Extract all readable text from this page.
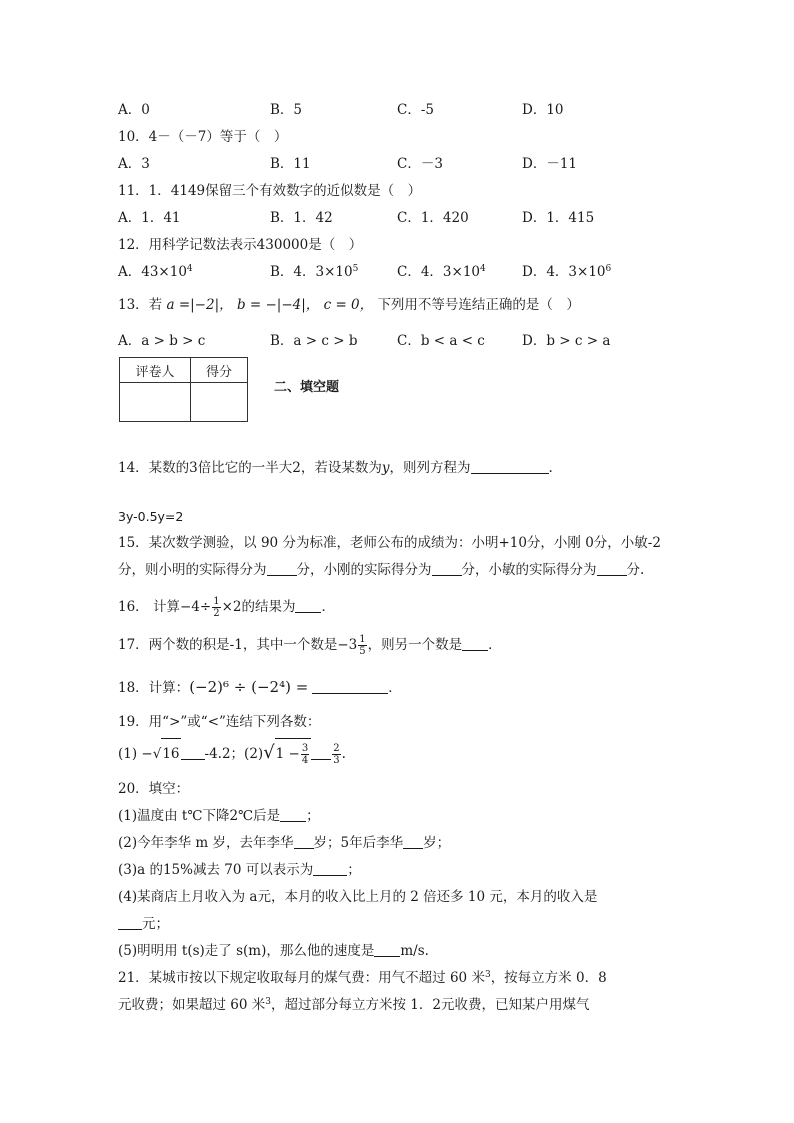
A．0	B．5	C．-5	D．10
10．4－（－7）等于（　）
A．3	B．11	C．－3	D．－11
11．1．4149保留三个有效数字的近似数是（　）
A．1．41	B．1．42	C．1．420	D．1．415
12．用科学记数法表示430000是（　）
A．$43\times 10^4$	B．4．$3\times 10^5$	C．4．$3\times 10^4$	D．4．$3\times 10^6$
13．若 a =|−2|， b = −|−4|， c = 0， 下列用不等号连结正确的是（　）
A．a > b > c	B．a > c > b	C．b < a < c	D．b > c > a
评卷人	得分

二、填空题
14．某数的3倍比它的一半大2，若设某数为y，则列方程为	.
3y-0.5y=2
15．某次数学测验，以 90 分为标准，老师公布的成绩为：小明+10分，小刚 0分，小敏-2
分，则小明的实际得分为 分，小刚的实际得分为 分，小敏的实际得分为 分.
16． 计算$-4\div \frac{1}{2} \times 2$的结果为 ．
17．两个数的积是-1，其中一个数是$-3 \frac{1}{5}$ ，则另一个数是 ．
18．计算：(−2)⁶ ÷ (−2⁴) =	．
19．用“>”或“<”连结下列各数：
(1) −√16 -4.2；$(2)√1 - \frac{3}{4} \frac{2}{3}$ .
20．填空：
(1)温度由 t℃下降2℃后是 ；
(2)今年李华 m 岁，去年李华 岁；5年后李华 岁；
(3)a 的15%减去 70 可以表示为	；
(4)某商店上月收入为 a元，本月的收入比上月的 2 倍还多 10 元，本月的收入是
元；
(5)明明用 t(s)走了 s(m)，那么他的速度是 m/s.
21．某城市按以下规定收取每月的煤气费：用气不超过 60 米$^3$，按每立方米 0．8
元收费；如果超过 60 米$^3$，超过部分每立方米按 1．2元收费，已知某户用煤气
